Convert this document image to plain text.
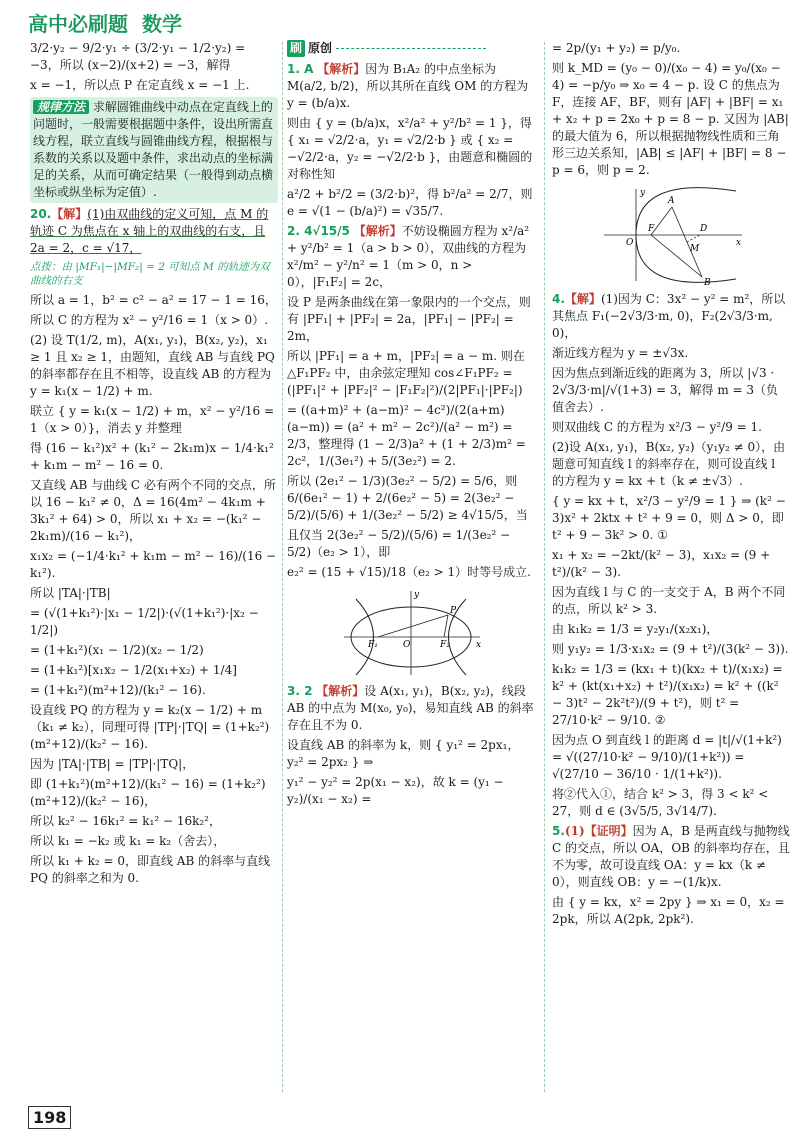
高中必刷题 数学

3/2·y₂ − 9/2·y₁ ÷ (3/2·y₁ − 1/2·y₂) = −3，所以 (x−2)/(x+2) = −3，解得

x = −1，所以点 P 在定直线 x = −1 上.

规律方法 求解圆锥曲线中动点在定直线上的问题时，一般需要根据题中条件，设出所需直线方程，联立直线与圆锥曲线方程，根据根与系数的关系以及题中条件，求出动点的坐标满足的关系，从而可确定结果（一般得到动点横坐标或纵坐标为定值）.

20.【解】(1)由双曲线的定义可知，点 M 的轨迹 C 为焦点在 x 轴上的双曲线的右支，且 2a = 2，c = √17，

点拨：由 |MF₁|−|MF₂| = 2 可知点 M 的轨迹为双曲线的右支

所以 a = 1，b² = c² − a² = 17 − 1 = 16，

所以 C 的方程为 x² − y²/16 = 1（x > 0）.

(2) 设 T(1/2, m)，A(x₁, y₁)，B(x₂, y₂)，x₁ ≥ 1 且 x₂ ≥ 1，由题知，直线 AB 与直线 PQ 的斜率都存在且不相等，设直线 AB 的方程为 y = k₁(x − 1/2) + m.

联立 { y = k₁(x − 1/2) + m，x² − y²/16 = 1（x > 0）}，消去 y 并整理

得 (16 − k₁²)x² + (k₁² − 2k₁m)x − 1/4·k₁² + k₁m − m² − 16 = 0.

又直线 AB 与曲线 C 必有两个不同的交点，所以 16 − k₁² ≠ 0，Δ = 16(4m² − 4k₁m + 3k₁² + 64) > 0，所以 x₁ + x₂ = −(k₁² − 2k₁m)/(16 − k₁²)，

x₁x₂ = (−1/4·k₁² + k₁m − m² − 16)/(16 − k₁²).

所以 |TA|·|TB|

= (√(1+k₁²)·|x₁ − 1/2|)·(√(1+k₁²)·|x₂ − 1/2|)

= (1+k₁²)(x₁ − 1/2)(x₂ − 1/2)

= (1+k₁²)[x₁x₂ − 1/2(x₁+x₂) + 1/4]

= (1+k₁²)(m²+12)/(k₁² − 16).

设直线 PQ 的方程为 y = k₂(x − 1/2) + m（k₁ ≠ k₂），同理可得 |TP|·|TQ| = (1+k₂²)(m²+12)/(k₂² − 16).

因为 |TA|·|TB| = |TP|·|TQ|，

即 (1+k₁²)(m²+12)/(k₁² − 16) = (1+k₂²)(m²+12)/(k₂² − 16)，

所以 k₂² − 16k₁² = k₁² − 16k₂²，

所以 k₁ = −k₂ 或 k₁ = k₂（舍去），

所以 k₁ + k₂ = 0，即直线 AB 的斜率与直线 PQ 的斜率之和为 0.

刷 原创

1. A 【解析】因为 B₁A₂ 的中点坐标为 M(a/2, b/2)，所以其所在直线 OM 的方程为 y = (b/a)x.

则由 { y = (b/a)x，x²/a² + y²/b² = 1 }，得 { x₁ = √2/2·a，y₁ = √2/2·b } 或 { x₂ = −√2/2·a，y₂ = −√2/2·b }，由题意和椭圆的对称性知

a²/2 + b²/2 = (3/2·b)²，得 b²/a² = 2/7，则 e = √(1 − (b/a)²) = √35/7.

2. 4√15/5 【解析】不妨设椭圆方程为 x²/a² + y²/b² = 1（a > b > 0），双曲线的方程为 x²/m² − y²/n² = 1（m > 0，n > 0），|F₁F₂| = 2c，

设 P 是两条曲线在第一象限内的一个交点，则有 |PF₁| + |PF₂| = 2a，|PF₁| − |PF₂| = 2m，

所以 |PF₁| = a + m，|PF₂| = a − m. 则在 △F₁PF₂ 中，由余弦定理知 cos∠F₁PF₂ = (|PF₁|² + |PF₂|² − |F₁F₂|²)/(2|PF₁|·|PF₂|)

= ((a+m)² + (a−m)² − 4c²)/(2(a+m)(a−m)) = (a² + m² − 2c²)/(a² − m²) = 2/3，整理得 (1 − 2/3)a² + (1 + 2/3)m² = 2c²，1/(3e₁²) + 5/(3e₂²) = 2.

所以 (2e₁² − 1/3)(3e₂² − 5/2) = 5/6，则 6/(6e₁² − 1) + 2/(6e₂² − 5) = 2(3e₂² − 5/2)/(5/6) + 1/(3e₂² − 5/2) ≥ 4√15/5，当

且仅当 2(3e₂² − 5/2)/(5/6) = 1/(3e₂² − 5/2)（e₂ > 1），即

e₂² = (15 + √15)/18（e₂ > 1）时等号成立.

y
x
O
P
F₁	F₂

3. 2 【解析】设 A(x₁, y₁)，B(x₂, y₂)，线段 AB 的中点为 M(x₀, y₀)，易知直线 AB 的斜率存在且不为 0.

设直线 AB 的斜率为 k，则 { y₁² = 2px₁，y₂² = 2px₂ } ⇒

y₁² − y₂² = 2p(x₁ − x₂)，故 k = (y₁ − y₂)/(x₁ − x₂) =

= 2p/(y₁ + y₂) = p/y₀.

则 k_MD = (y₀ − 0)/(x₀ − 4) = y₀/(x₀ − 4) = −p/y₀ ⇒ x₀ = 4 − p. 设 C 的焦点为 F，连接 AF，BF，则有 |AF| + |BF| = x₁ + x₂ + p = 2x₀ + p = 8 − p. 又因为 |AB| 的最大值为 6，所以根据抛物线性质和三角形三边关系知，|AB| ≤ |AF| + |BF| = 8 − p = 6，则 p = 2.

y
x
O
A
B
D
M
F

4.【解】(1)因为 C：3x² − y² = m²，所以其焦点 F₁(−2√3/3·m, 0)，F₂(2√3/3·m, 0)，

渐近线方程为 y = ±√3x.

因为焦点到渐近线的距离为 3，所以 |√3 · 2√3/3·m|/√(1+3) = 3，解得 m = 3（负值舍去）.

则双曲线 C 的方程为 x²/3 − y²/9 = 1.

(2)设 A(x₁, y₁)，B(x₂, y₂)（y₁y₂ ≠ 0），由题意可知直线 l 的斜率存在，则可设直线 l 的方程为 y = kx + t（k ≠ ±√3）.

{ y = kx + t，x²/3 − y²/9 = 1 } ⇒ (k² − 3)x² + 2ktx + t² + 9 = 0，则 Δ > 0，即 t² + 9 − 3k² > 0. ①

x₁ + x₂ = −2kt/(k² − 3)，x₁x₂ = (9 + t²)/(k² − 3).

因为直线 l 与 C 的一支交于 A，B 两个不同的点，所以 k² > 3.

由 k₁k₂ = 1/3 = y₂y₁/(x₂x₁)，

则 y₁y₂ = 1/3·x₁x₂ = (9 + t²)/(3(k² − 3)).

k₁k₂ = 1/3 = (kx₁ + t)(kx₂ + t)/(x₁x₂) = k² + (kt(x₁+x₂) + t²)/(x₁x₂) = k² + ((k² − 3)t² − 2k²t²)/(9 + t²)，则 t² = 27/10·k² − 9/10. ②

因为点 O 到直线 l 的距离 d = |t|/√(1+k²) = √((27/10·k² − 9/10)/(1+k²)) = √(27/10 − 36/10 · 1/(1+k²)).

将②代入①，结合 k² > 3，得 3 < k² < 27，则 d ∈ (3√5/5, 3√14/7).

5.(1)【证明】因为 A，B 是两直线与抛物线 C 的交点，所以 OA，OB 的斜率均存在，且不为零，故可设直线 OA：y = kx（k ≠ 0），则直线 OB：y = −(1/k)x.

由 { y = kx，x² = 2py } ⇒ x₁ = 0，x₂ = 2pk，所以 A(2pk, 2pk²).

198
